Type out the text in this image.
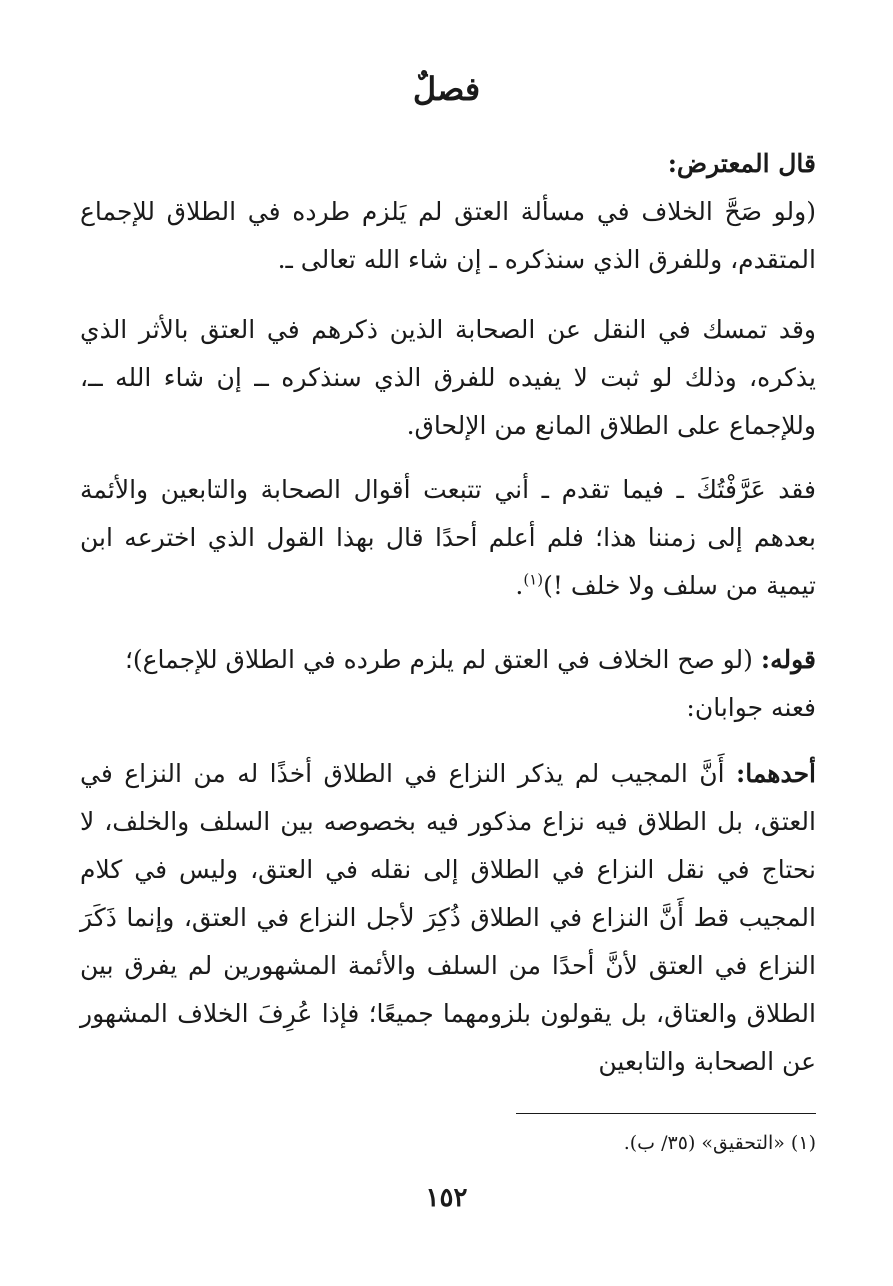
فصلٌ
قال المعترض:
(ولو صَحَّ الخلاف في مسألة العتق لم يَلزم طرده في الطلاق للإجماع المتقدم، وللفرق الذي سنذكره ـ إن شاء الله تعالى ـ.
وقد تمسك في النقل عن الصحابة الذين ذكرهم في العتق بالأثر الذي يذكره، وذلك لو ثبت لا يفيده للفرق الذي سنذكره ــ إن شاء الله ــ، وللإجماع على الطلاق المانع من الإلحاق.
فقد عَرَّفْتُكَ ـ فيما تقدم ـ أني تتبعت أقوال الصحابة والتابعين والأئمة بعدهم إلى زمننا هذا؛ فلم أعلم أحدًا قال بهذا القول الذي اخترعه ابن تيمية من سلف ولا خلف !)$^{(١)}$.
قوله: (لو صح الخلاف في العتق لم يلزم طرده في الطلاق للإجماع)؛
فعنه جوابان:
أحدهما: أَنَّ المجيب لم يذكر النزاع في الطلاق أخذًا له من النزاع في العتق، بل الطلاق فيه نزاع مذكور فيه بخصوصه بين السلف والخلف، لا نحتاج في نقل النزاع في الطلاق إلى نقله في العتق، وليس في كلام المجيب قط أَنَّ النزاع في الطلاق ذُكِرَ لأجل النزاع في العتق، وإنما ذَكَرَ النزاع في العتق لأنَّ أحدًا من السلف والأئمة المشهورين لم يفرق بين الطلاق والعتاق، بل يقولون بلزومهما جميعًا؛ فإذا عُرِفَ الخلاف المشهور عن الصحابة والتابعين
(١) «التحقيق» (٣٥/ ب).
١٥٢
